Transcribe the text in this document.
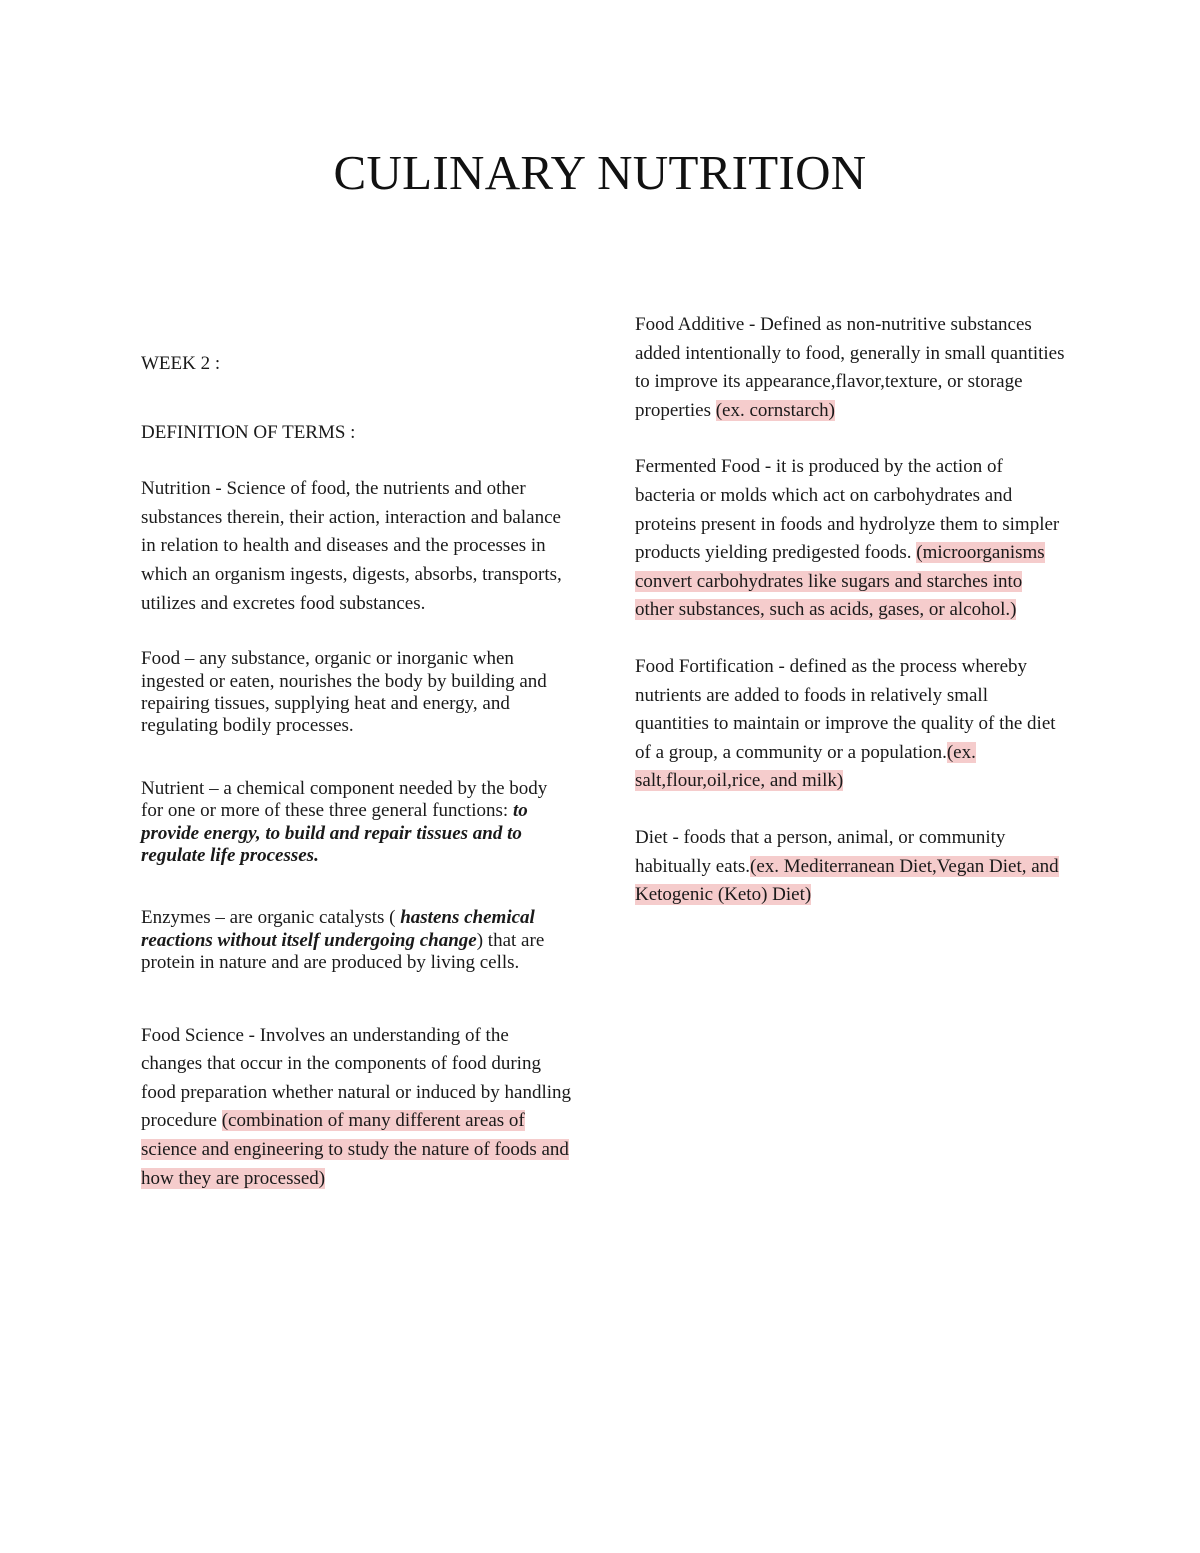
CULINARY NUTRITION

WEEK 2 :

DEFINITION OF TERMS :

Nutrition - Science of food, the nutrients and other substances therein, their action, interaction and balance in relation to health and diseases and the processes in which an organism ingests, digests, absorbs, transports, utilizes and excretes food substances.

Food – any substance, organic or inorganic when ingested or eaten, nourishes the body by building and repairing tissues, supplying heat and energy, and regulating bodily processes.

Nutrient – a chemical component needed by the body for one or more of these three general functions: to provide energy, to build and repair tissues and to regulate life processes.

Enzymes – are organic catalysts ( hastens chemical reactions without itself undergoing change) that are protein in nature and are produced by living cells.

Food Science - Involves an understanding of the changes that occur in the components of food during food preparation whether natural or induced by handling procedure (combination of many different areas of science and engineering to study the nature of foods and how they are processed)

Food Additive - Defined as non-nutritive substances added intentionally to food, generally in small quantities to improve its appearance,flavor,texture, or storage properties (ex. cornstarch)

Fermented Food - it is produced by the action of bacteria or molds which act on carbohydrates and proteins present in foods and hydrolyze them to simpler products yielding predigested foods. (microorganisms convert carbohydrates like sugars and starches into other substances, such as acids, gases, or alcohol.)

Food Fortification - defined as the process whereby nutrients are added to foods in relatively small quantities to maintain or improve the quality of the diet of a group, a community or a population.(ex. salt,flour,oil,rice, and milk)

Diet - foods that a person, animal, or community habitually eats.(ex. Mediterranean Diet,Vegan Diet, and Ketogenic (Keto) Diet)
